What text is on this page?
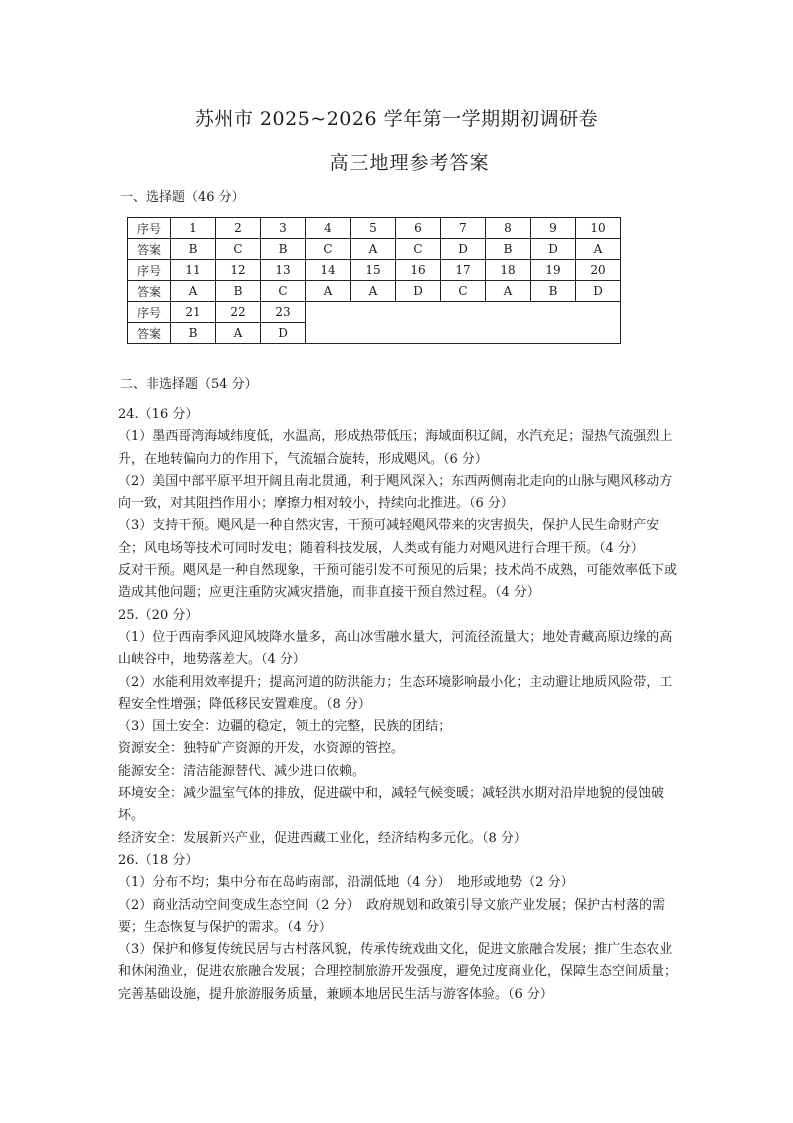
苏州市 2025~2026 学年第一学期期初调研卷
高三地理参考答案
一、选择题（46 分）
序号	1	2	3	4	5	6	7	8	9	10
答案	B	C	B	C	A	C	D	B	D	A
序号	11	12	13	14	15	16	17	18	19	20
答案	A	B	C	A	A	D	C	A	B	D
序号	21	22	23							
答案	B	A	D							
二、非选择题（54 分）
24.（16 分）
（1）墨西哥湾海域纬度低，水温高，形成热带低压；海域面积辽阔，水汽充足；湿热气流强烈上升，在地转偏向力的作用下，气流辐合旋转，形成飓风。（6 分）
（2）美国中部平原平坦开阔且南北贯通，利于飓风深入；东西两侧南北走向的山脉与飓风移动方向一致，对其阻挡作用小；摩擦力相对较小，持续向北推进。（6 分）
（3）支持干预。飓风是一种自然灾害，干预可减轻飓风带来的灾害损失，保护人民生命财产安全；风电场等技术可同时发电；随着科技发展，人类或有能力对飓风进行合理干预。（4 分）
反对干预。飓风是一种自然现象，干预可能引发不可预见的后果；技术尚不成熟，可能效率低下或造成其他问题；应更注重防灾减灾措施，而非直接干预自然过程。（4 分）
25.（20 分）
（1）位于西南季风迎风坡降水量多，高山冰雪融水量大，河流径流量大；地处青藏高原边缘的高山峡谷中，地势落差大。（4 分）
（2）水能利用效率提升；提高河道的防洪能力；生态环境影响最小化；主动避让地质风险带，工程安全性增强；降低移民安置难度。（8 分）
（3）国土安全：边疆的稳定，领土的完整，民族的团结；
资源安全：独特矿产资源的开发，水资源的管控。
能源安全：清洁能源替代、减少进口依赖。
环境安全：减少温室气体的排放，促进碳中和，减轻气候变暖；减轻洪水期对沿岸地貌的侵蚀破坏。
经济安全：发展新兴产业，促进西藏工业化，经济结构多元化。（8 分）
26.（18 分）
（1）分布不均；集中分布在岛屿南部，沿湖低地（4 分）　地形或地势（2 分）
（2）商业活动空间变成生态空间（2 分）　政府规划和政策引导文旅产业发展；保护古村落的需要；生态恢复与保护的需求。（4 分）
（3）保护和修复传统民居与古村落风貌，传承传统戏曲文化，促进文旅融合发展；推广生态农业和休闲渔业，促进农旅融合发展；合理控制旅游开发强度，避免过度商业化，保障生态空间质量；完善基础设施，提升旅游服务质量，兼顾本地居民生活与游客体验。（6 分）
